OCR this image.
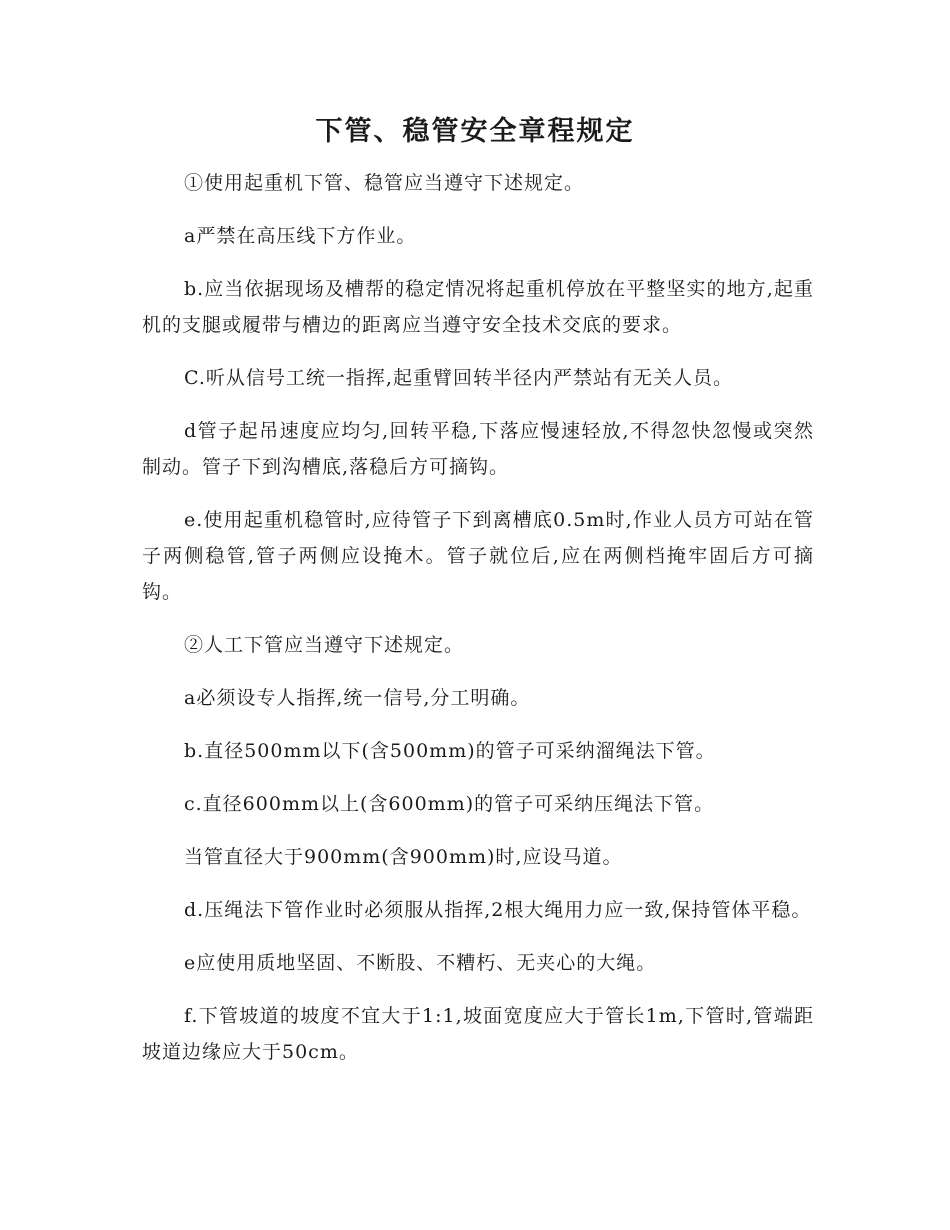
下管、稳管安全章程规定

①使用起重机下管、稳管应当遵守下述规定。

a严禁在高压线下方作业。

b.应当依据现场及槽帮的稳定情况将起重机停放在平整坚实的地方,起重机的支腿或履带与槽边的距离应当遵守安全技术交底的要求。

C.听从信号工统一指挥,起重臂回转半径内严禁站有无关人员。

d管子起吊速度应均匀,回转平稳,下落应慢速轻放,不得忽快忽慢或突然制动。管子下到沟槽底,落稳后方可摘钩。

e.使用起重机稳管时,应待管子下到离槽底0.5m时,作业人员方可站在管子两侧稳管,管子两侧应设掩木。管子就位后,应在两侧档掩牢固后方可摘钩。

②人工下管应当遵守下述规定。

a必须设专人指挥,统一信号,分工明确。

b.直径500mm以下(含500mm)的管子可采纳溜绳法下管。

c.直径600mm以上(含600mm)的管子可采纳压绳法下管。

当管直径大于900mm(含900mm)时,应设马道。

d.压绳法下管作业时必须服从指挥,2根大绳用力应一致,保持管体平稳。

e应使用质地坚固、不断股、不糟朽、无夹心的大绳。

f.下管坡道的坡度不宜大于1:1,坡面宽度应大于管长1m,下管时,管端距坡道边缘应大于50cm。
